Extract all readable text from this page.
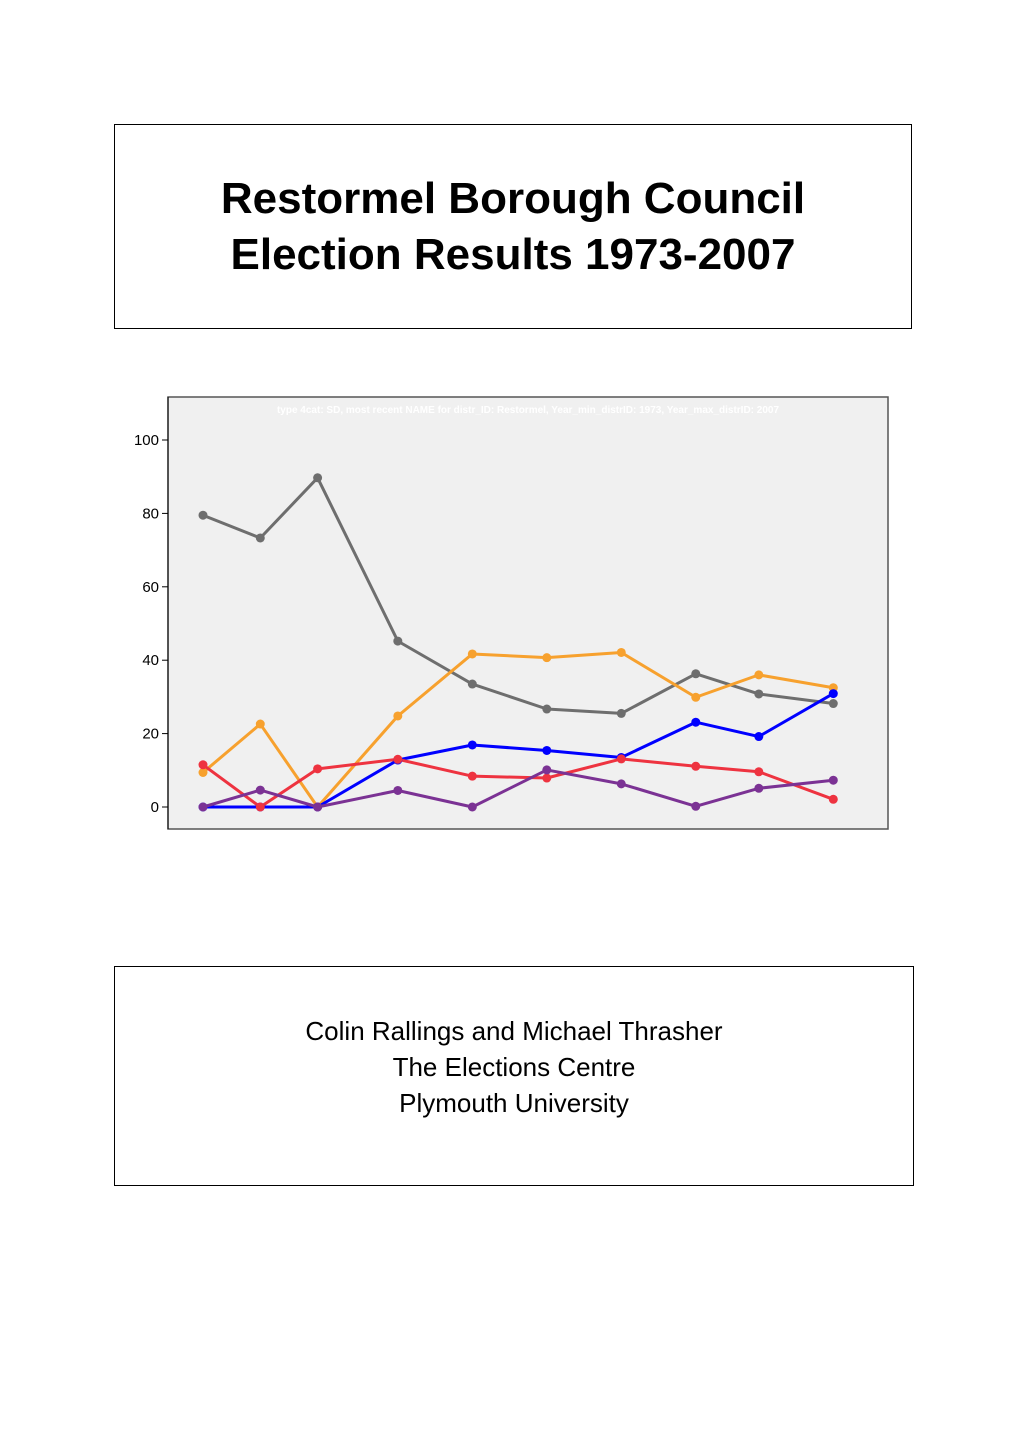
Restormel Borough Council
Election Results 1973-2007
type 4cat: SD, most recent NAME for distr_ID: Restormel, Year_min_distrID: 1973, Year_max_distrID: 2007
0
20
40
60
80
100
Colin Rallings and Michael Thrasher
The Elections Centre
Plymouth University
